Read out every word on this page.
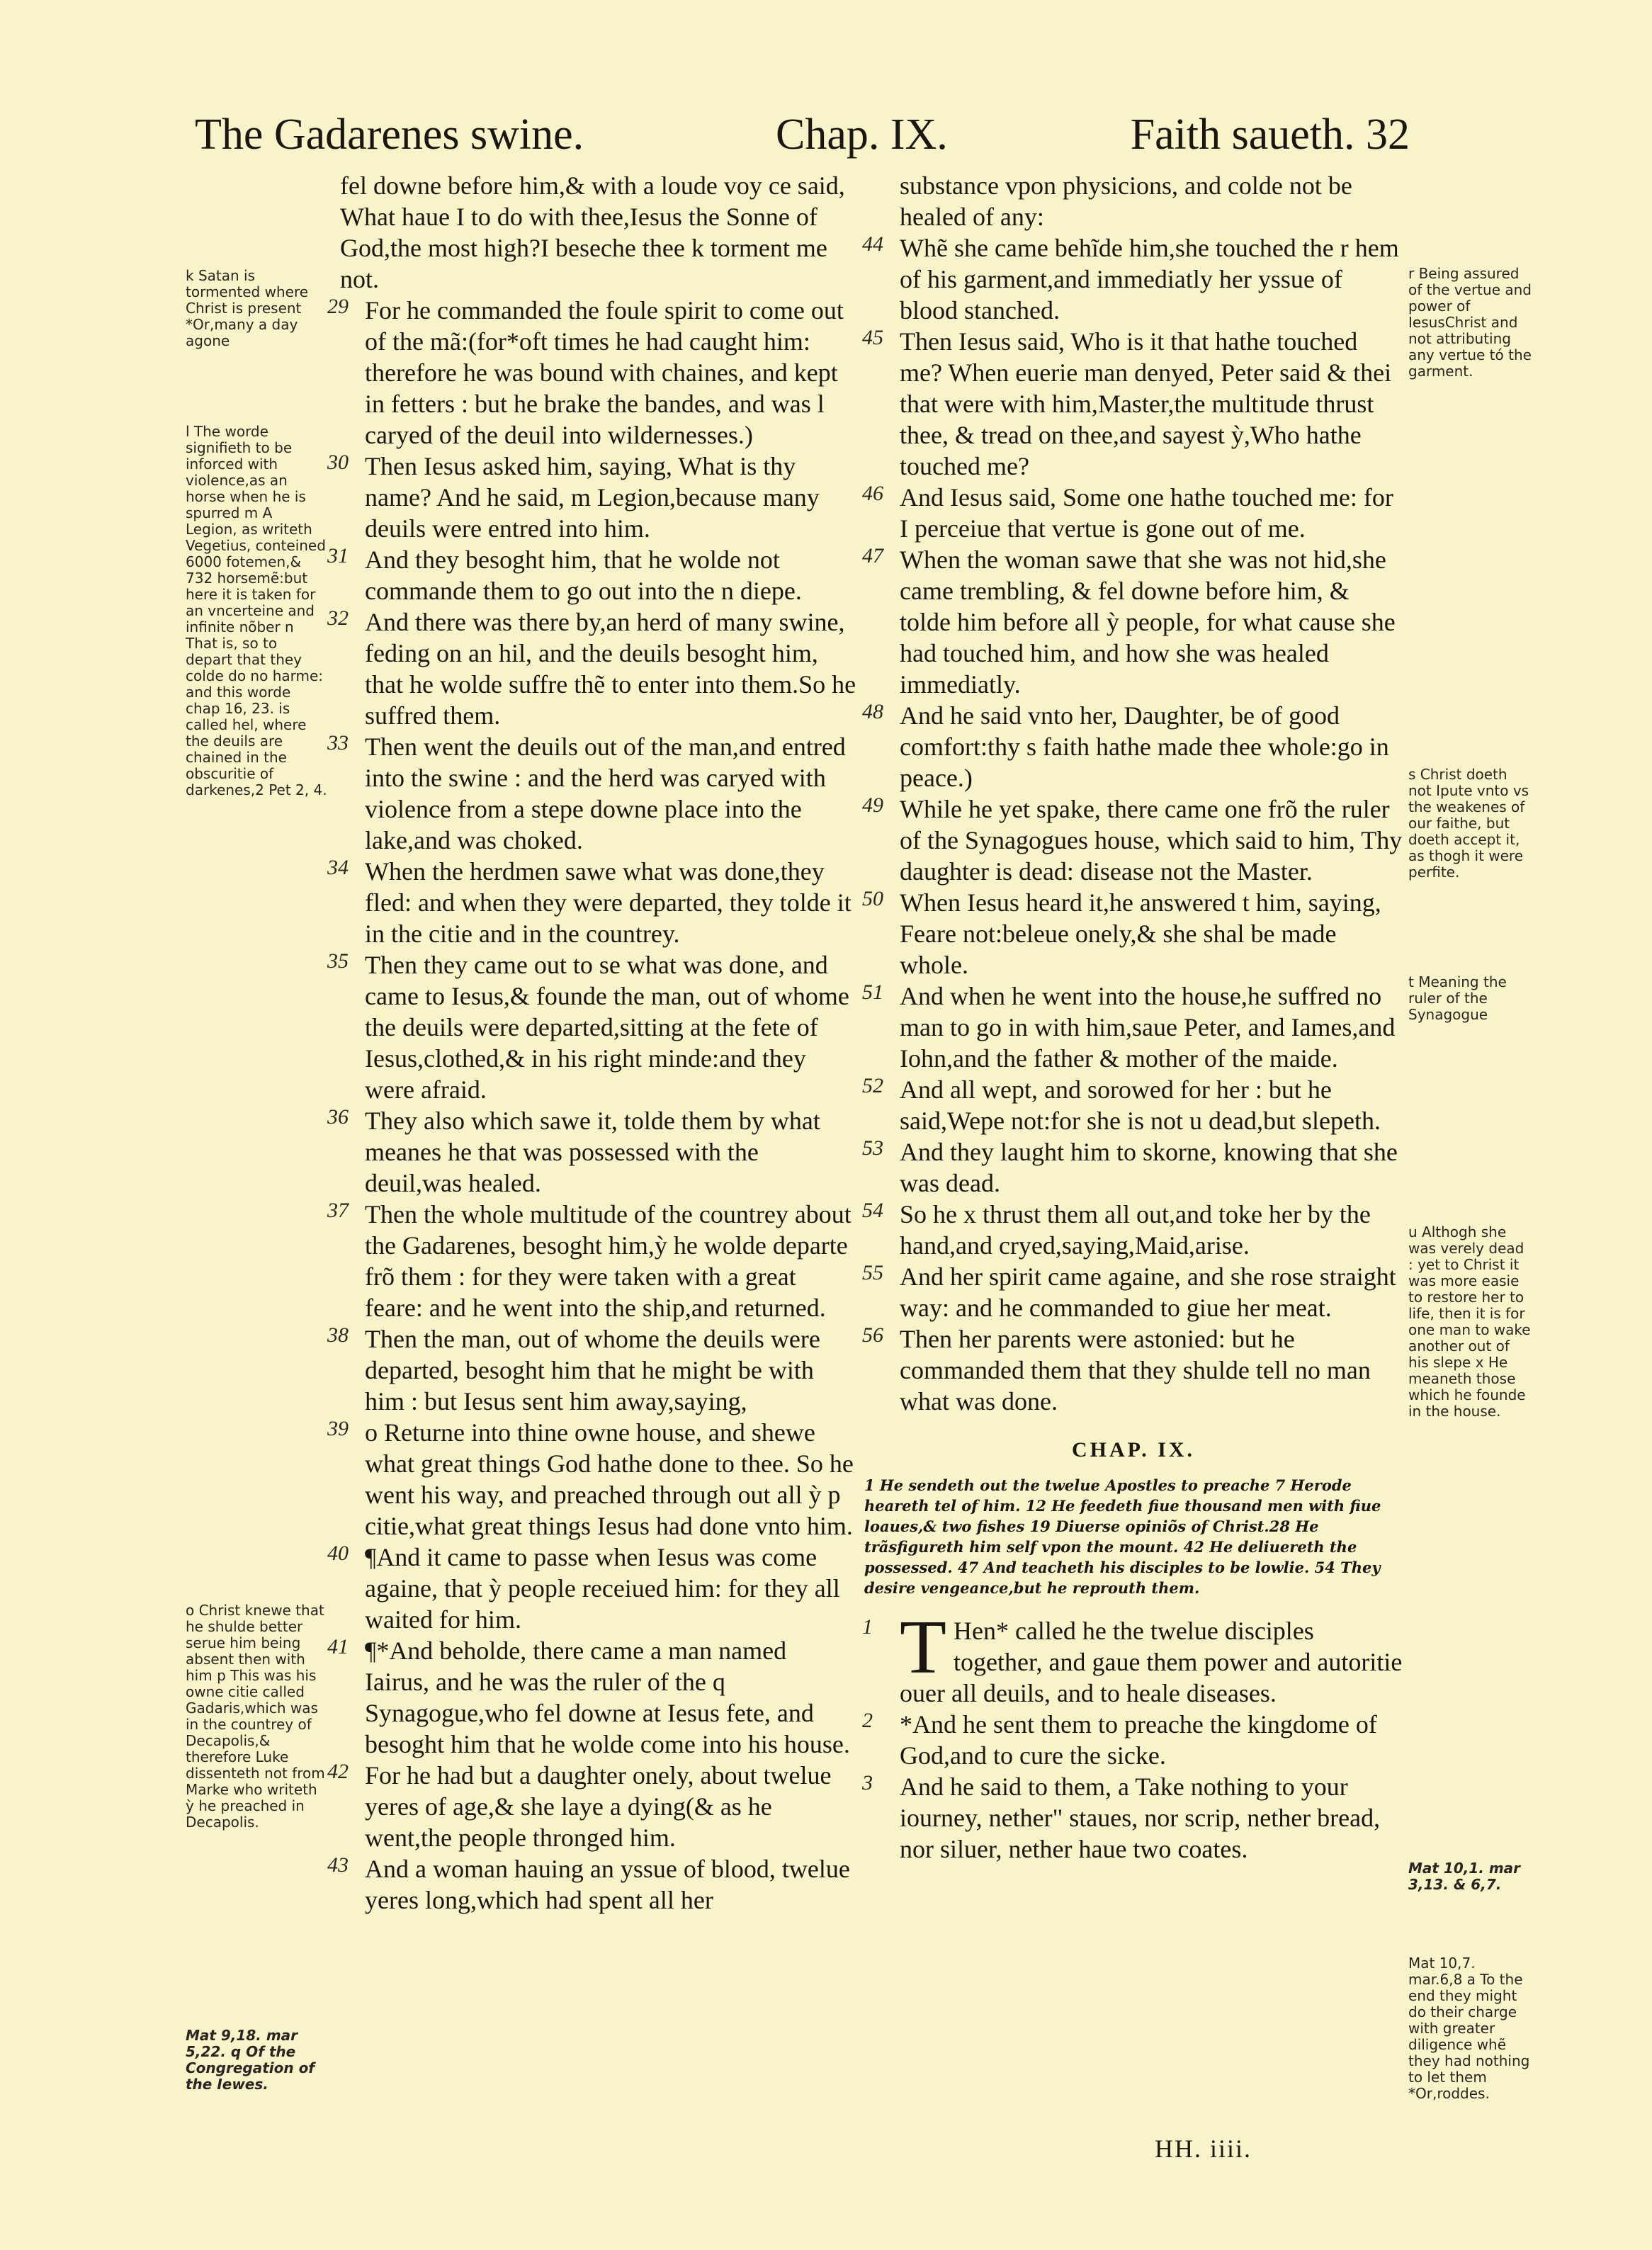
The Gadarenes swine.	Chap. IX.	Faith saueth. 32
k Satan is tormented where Christ is present *Or,many a day agone
l The worde signifieth to be inforced with violence,as an horse when he is spurred m A Legion, as writeth Vegetius, conteined 6000 fotemen,& 732 horsemẽ:but here it is taken for an vncerteine and infinite nõber n That is, so to depart that they colde do no harme: and this worde chap 16, 23. is called hel, where the deuils are chained in the obscuritie of darkenes,2 Pet 2, 4.
o Christ knewe that he shulde better serue him being absent then with him p This was his owne citie called Gadaris,which was in the countrey of Decapolis,& therefore Luke dissenteth not from Marke who writeth ỳ he preached in Decapolis.
Mat 9,18. mar 5,22. q Of the Congregation of the Iewes.
r Being assured of the vertue and power of IesusChrist and not attributing any vertue tó the garment.
s Christ doeth not Ipute vnto vs the weakenes of our faithe, but doeth accept it, as thogh it were perfite.
t Meaning the ruler of the Synagogue
u Althogh she was verely dead : yet to Christ it was more easie to restore her to life, then it is for one man to wake another out of his slepe x He meaneth those which he founde in the house.
Mat 10,1. mar 3,13. & 6,7.
Mat 10,7. mar.6,8 a To the end they might do their charge with greater diligence whẽ they had nothing to let them *Or,roddes.
fel downe before him,& with a loude voy ce said, What haue I to do with thee,Iesus the Sonne of God,the most high?I beseche thee k torment me not.
29 For he commanded the foule spirit to come out of the mã:(for*oft times he had caught him: therefore he was bound with chaines, and kept in fetters : but he brake the bandes, and was l caryed of the deuil into wildernesses.)
30 Then Iesus asked him, saying, What is thy name? And he said, m Legion,because many deuils were entred into him.
31 And they besoght him, that he wolde not commande them to go out into the n diepe.
32 And there was there by,an herd of many swine, feding on an hil, and the deuils besoght him, that he wolde suffre thẽ to enter into them.So he suffred them.
33 Then went the deuils out of the man,and entred into the swine : and the herd was caryed with violence from a stepe downe place into the lake,and was choked.
34 When the herdmen sawe what was done,they fled: and when they were departed, they tolde it in the citie and in the countrey.
35 Then they came out to se what was done, and came to Iesus,& founde the man, out of whome the deuils were departed,sitting at the fete of Iesus,clothed,& in his right minde:and they were afraid.
36 They also which sawe it, tolde them by what meanes he that was possessed with the deuil,was healed.
37 Then the whole multitude of the countrey about the Gadarenes, besoght him,ỳ he wolde departe frõ them : for they were taken with a great feare: and he went into the ship,and returned.
38 Then the man, out of whome the deuils were departed, besoght him that he might be with him : but Iesus sent him away,saying,
39 o Returne into thine owne house, and shewe what great things God hathe done to thee. So he went his way, and preached through out all ỳ p citie,what great things Iesus had done vnto him.
40 ¶And it came to passe when Iesus was come againe, that ỳ people receiued him: for they all waited for him.
41 ¶*And beholde, there came a man named Iairus, and he was the ruler of the q Synagogue,who fel downe at Iesus fete, and besoght him that he wolde come into his house.
42 For he had but a daughter onely, about twelue yeres of age,& she laye a dying(& as he went,the people thronged him.
43 And a woman hauing an yssue of blood, twelue yeres long,which had spent all her
substance vpon physicions, and colde not be healed of any:
44 Whẽ she came behĩde him,she touched the r hem of his garment,and immediatly her yssue of blood stanched.
45 Then Iesus said, Who is it that hathe touched me? When euerie man denyed, Peter said & thei that were with him,Master,the multitude thrust thee, & tread on thee,and sayest ỳ,Who hathe touched me?
46 And Iesus said, Some one hathe touched me: for I perceiue that vertue is gone out of me.
47 When the woman sawe that she was not hid,she came trembling, & fel downe before him, & tolde him before all ỳ people, for what cause she had touched him, and how she was healed immediatly.
48 And he said vnto her, Daughter, be of good comfort:thy s faith hathe made thee whole:go in peace.)
49 While he yet spake, there came one frõ the ruler of the Synagogues house, which said to him, Thy daughter is dead: disease not the Master.
50 When Iesus heard it,he answered t him, saying, Feare not:beleue onely,& she shal be made whole.
51 And when he went into the house,he suffred no man to go in with him,saue Peter, and Iames,and Iohn,and the father & mother of the maide.
52 And all wept, and sorowed for her : but he said,Wepe not:for she is not u dead,but slepeth.
53 And they laught him to skorne, knowing that she was dead.
54 So he x thrust them all out,and toke her by the hand,and cryed,saying,Maid,arise.
55 And her spirit came againe, and she rose straight way: and he commanded to giue her meat.
56 Then her parents were astonied: but he commanded them that they shulde tell no man what was done.
CHAP. IX.
1 He sendeth out the twelue Apostles to preache 7 Herode heareth tel of him. 12 He feedeth fiue thousand men with fiue loaues,& two fishes 19 Diuerse opiniõs of Christ.28 He trãsfigureth him self vpon the mount. 42 He deliuereth the possessed. 47 And teacheth his disciples to be lowlie. 54 They desire vengeance,but he reprouth them.
1 T Hen* called he the twelue disciples together, and gaue them power and autoritie ouer all deuils, and to heale diseases.
2 *And he sent them to preache the kingdome of God,and to cure the sicke.
3 And he said to them, a Take nothing to your iourney, nether" staues, nor scrip, nether bread, nor siluer, nether haue two coates.
HH. iiii.
